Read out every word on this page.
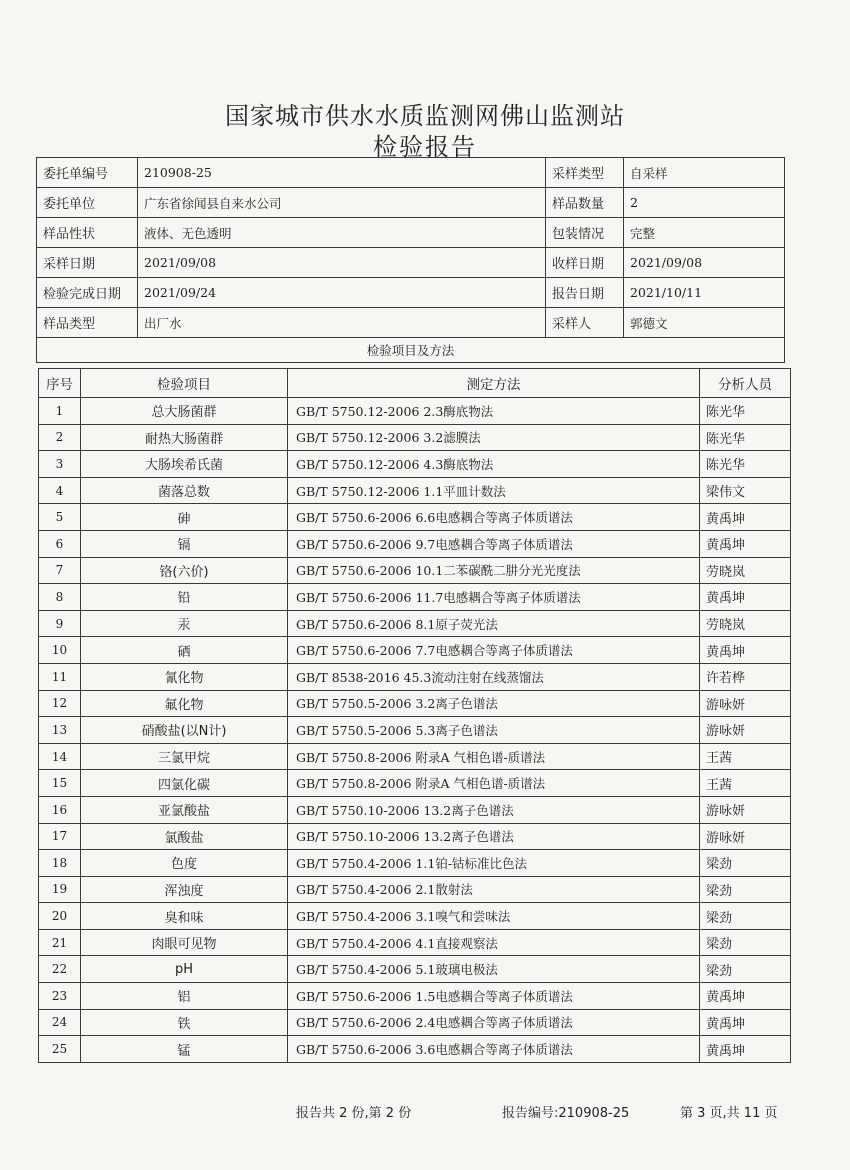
国家城市供水水质监测网佛山监测站
检验报告
委托单编号	210908-25	采样类型	自采样
委托单位	广东省徐闻县自来水公司	样品数量	2
样品性状	液体、无色透明	包装情况	完整
采样日期	2021/09/08	收样日期	2021/09/08
检验完成日期	2021/09/24	报告日期	2021/10/11
样品类型	出厂水	采样人	郭德文
检验项目及方法			
序号	检验项目	测定方法	分析人员
1	总大肠菌群	GB/T 5750.12-2006 2.3酶底物法	陈光华
2	耐热大肠菌群	GB/T 5750.12-2006 3.2滤膜法	陈光华
3	大肠埃希氏菌	GB/T 5750.12-2006 4.3酶底物法	陈光华
4	菌落总数	GB/T 5750.12-2006 1.1平皿计数法	梁伟文
5	砷	GB/T 5750.6-2006 6.6电感耦合等离子体质谱法	黄禹坤
6	镉	GB/T 5750.6-2006 9.7电感耦合等离子体质谱法	黄禹坤
7	铬(六价)	GB/T 5750.6-2006 10.1二苯碳酰二肼分光光度法	劳晓岚
8	铅	GB/T 5750.6-2006 11.7电感耦合等离子体质谱法	黄禹坤
9	汞	GB/T 5750.6-2006 8.1原子荧光法	劳晓岚
10	硒	GB/T 5750.6-2006 7.7电感耦合等离子体质谱法	黄禹坤
11	氰化物	GB/T 8538-2016 45.3流动注射在线蒸馏法	许若桦
12	氟化物	GB/T 5750.5-2006 3.2离子色谱法	游咏妍
13	硝酸盐(以N计)	GB/T 5750.5-2006 5.3离子色谱法	游咏妍
14	三氯甲烷	GB/T 5750.8-2006 附录A 气相色谱-质谱法	王茜
15	四氯化碳	GB/T 5750.8-2006 附录A 气相色谱-质谱法	王茜
16	亚氯酸盐	GB/T 5750.10-2006 13.2离子色谱法	游咏妍
17	氯酸盐	GB/T 5750.10-2006 13.2离子色谱法	游咏妍
18	色度	GB/T 5750.4-2006 1.1铂-钴标准比色法	梁劲
19	浑浊度	GB/T 5750.4-2006 2.1散射法	梁劲
20	臭和味	GB/T 5750.4-2006 3.1嗅气和尝味法	梁劲
21	肉眼可见物	GB/T 5750.4-2006 4.1直接观察法	梁劲
22	pH	GB/T 5750.4-2006 5.1玻璃电极法	梁劲
23	铝	GB/T 5750.6-2006 1.5电感耦合等离子体质谱法	黄禹坤
24	铁	GB/T 5750.6-2006 2.4电感耦合等离子体质谱法	黄禹坤
25	锰	GB/T 5750.6-2006 3.6电感耦合等离子体质谱法	黄禹坤
报告共 2 份,第 2 份	报告编号:210908-25	第 3 页,共 11 页
